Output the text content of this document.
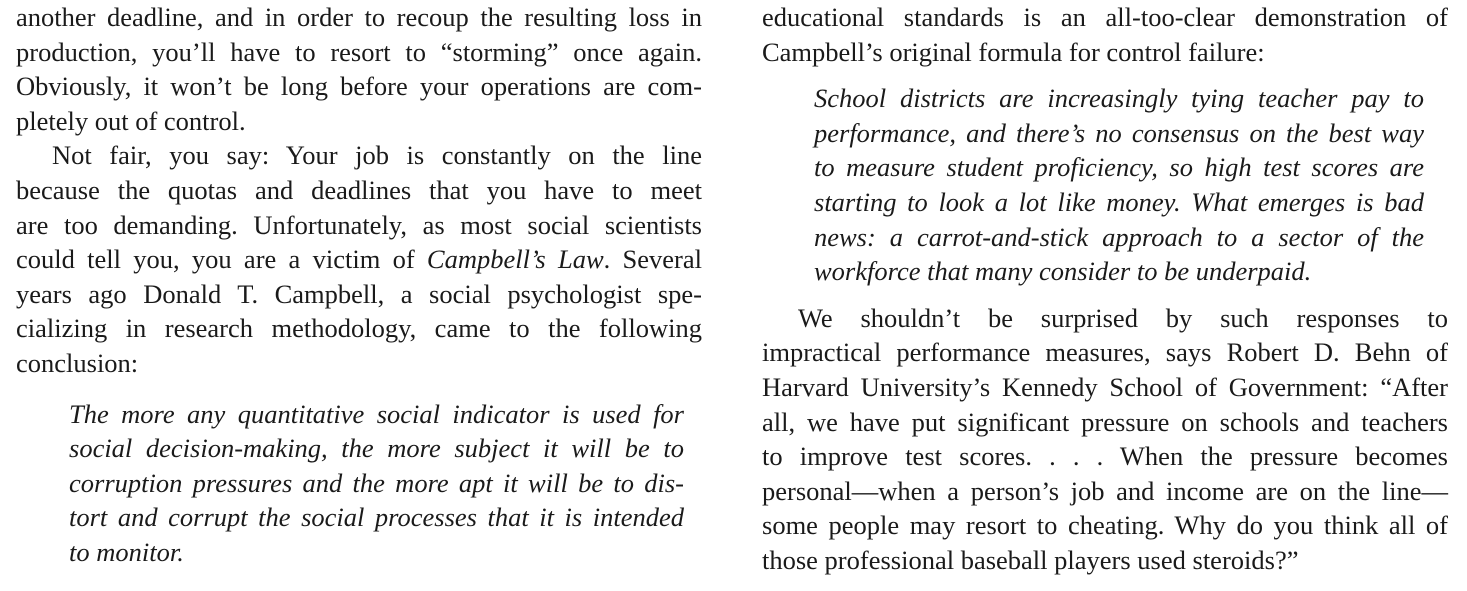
another deadline, and in order to recoup the resulting loss in
production, you’ll have to resort to “storming” once again.
Obviously, it won’t be long before your operations are com-
pletely out of control.
Not fair, you say: Your job is constantly on the line
because the quotas and deadlines that you have to meet
are too demanding. Unfortunately, as most social scientists
could tell you, you are a victim of Campbell’s Law. Several
years ago Donald T. Campbell, a social psychologist spe-
cializing in research methodology, came to the following
conclusion:
The more any quantitative social indicator is used for
social decision-making, the more subject it will be to
corruption pressures and the more apt it will be to dis-
tort and corrupt the social processes that it is intended
to monitor.
educational standards is an all-too-clear demonstration of
Campbell’s original formula for control failure:
School districts are increasingly tying teacher pay to
performance, and there’s no consensus on the best way
to measure student proficiency, so high test scores are
starting to look a lot like money. What emerges is bad
news: a carrot-and-stick approach to a sector of the
workforce that many consider to be underpaid.
We shouldn’t be surprised by such responses to
impractical performance measures, says Robert D. Behn of
Harvard University’s Kennedy School of Government: “After
all, we have put significant pressure on schools and teachers
to improve test scores. . . . When the pressure becomes
personal—when a person’s job and income are on the line—
some people may resort to cheating. Why do you think all of
those professional baseball players used steroids?”
